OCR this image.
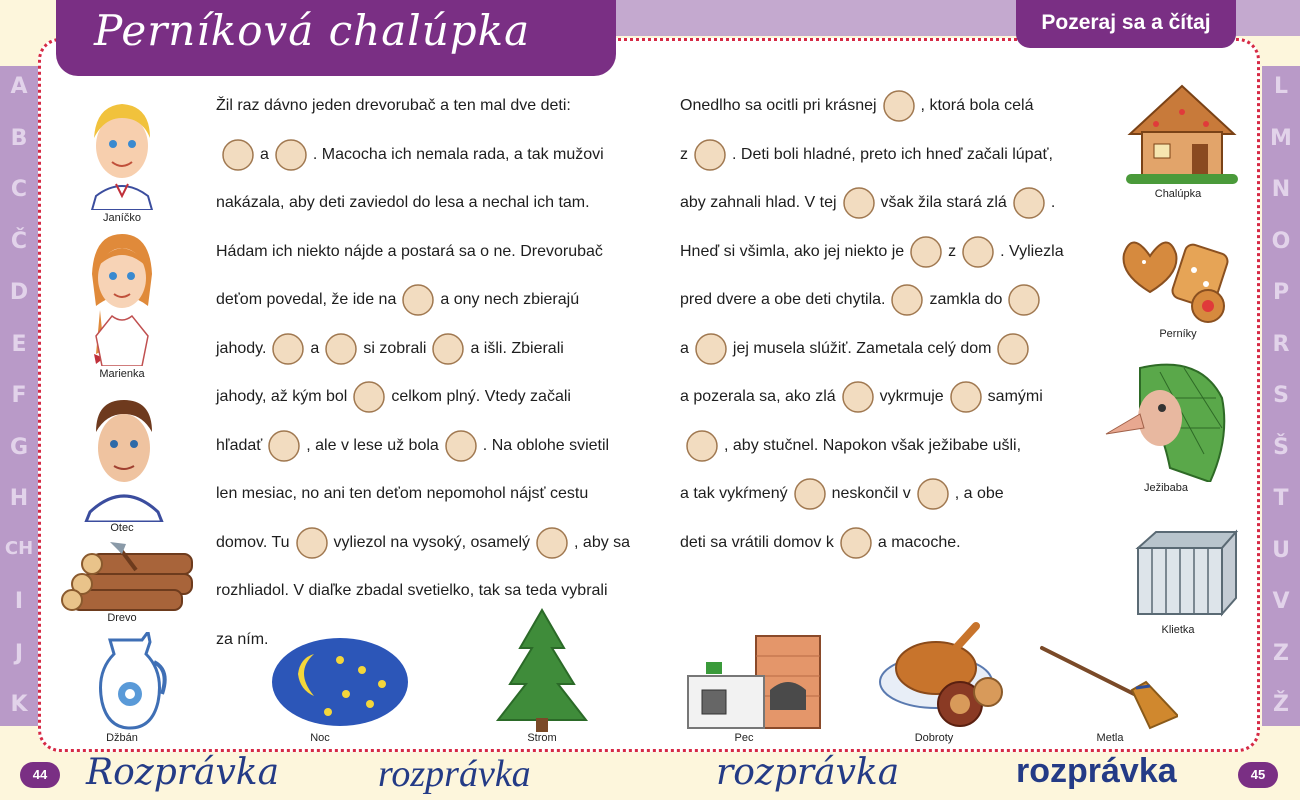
A
B
C
Č
D
E
F
G
H
CH
I
J
K
L
M
N
O
P
R
S
Š
T
U
V
Z
Ž
Perníková chalúpka	Pozeraj sa a čítaj
Janíčko
Marienka
Otec
Drevo
Džbán	Noc	Strom	Pec	Dobroty	Metla
Chalúpka
Perníky
Ježibaba
Klietka
Žil raz dávno jeden drevorubač a ten mal dve deti:
a	. Macocha ich nemala rada, a tak mužovi
nakázala, aby deti zaviedol do lesa a nechal ich tam.
Hádam ich niekto nájde a postará sa o ne. Drevorubač
deťom povedal, že ide na	a ony nech zbierajú
jahody.	a	si zobrali	a išli. Zbierali
jahody, až kým bol	celkom plný. Vtedy začali
hľadať	, ale v lese už bola	. Na oblohe svietil
len mesiac, no ani ten deťom nepomohol nájsť cestu
domov. Tu	vyliezol na vysoký, osamelý	, aby sa
rozhliadol. V diaľke zbadal svetielko, tak sa teda vybrali
za ním.
Onedlho sa ocitli pri krásnej	, ktorá bola celá
z	. Deti boli hladné, preto ich hneď začali lúpať,
aby zahnali hlad. V tej	však žila stará zlá	.
Hneď si všimla, ako jej niekto je	z	. Vyliezla
pred dvere a obe deti chytila.	zamkla do
a	jej musela slúžiť. Zametala celý dom
a pozerala sa, ako zlá	vykrmuje	samými
, aby stučnel. Napokon však ježibabe ušli,
a tak vykŕmený	neskončil v	, a obe
deti sa vrátili domov k	a macoche.
44	45
Rozprávka	rozprávka	rozprávka	rozprávka
